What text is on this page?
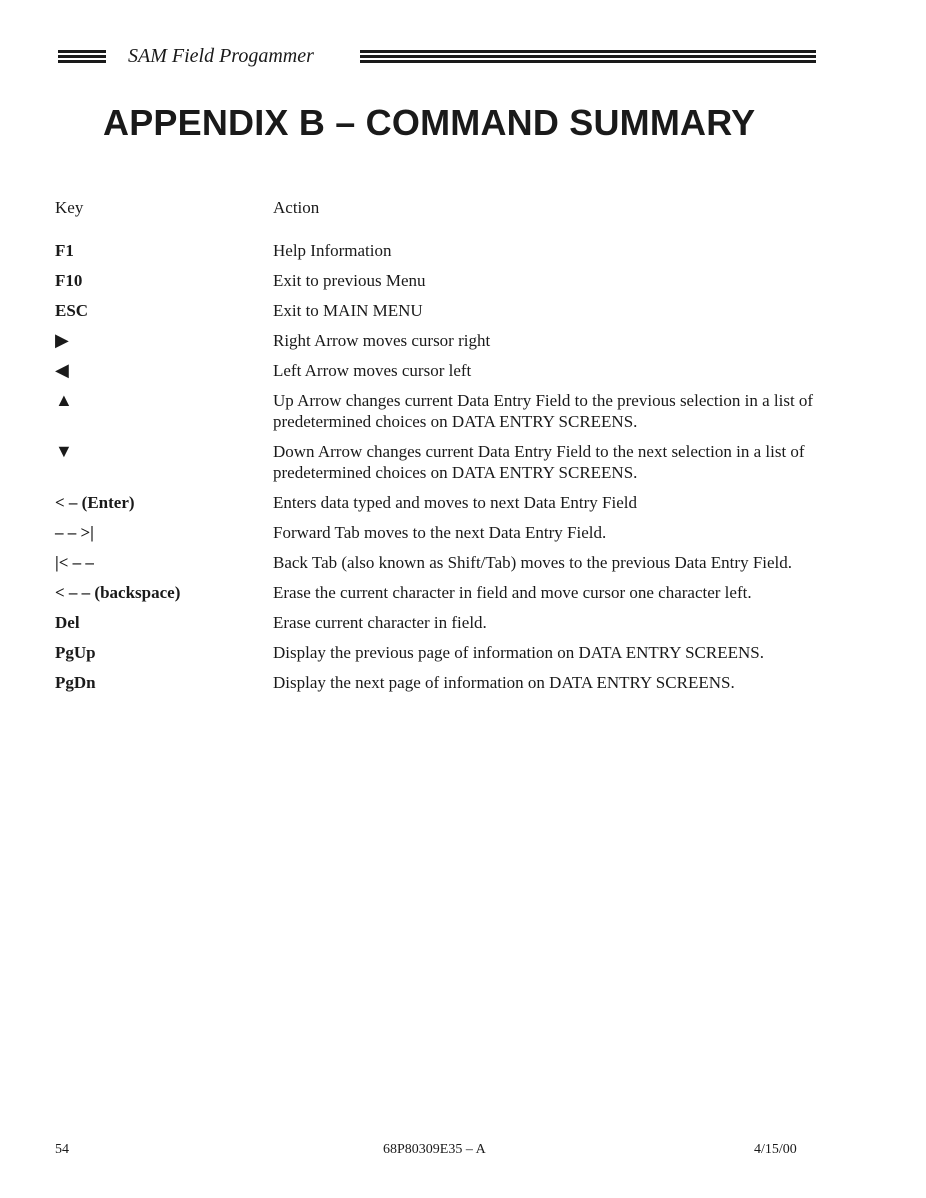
SAM Field Progammer
APPENDIX B – COMMAND SUMMARY
Key	Action
F1	Help Information
F10	Exit to previous Menu
ESC	Exit to MAIN MENU
▶	Right Arrow moves cursor right
◀	Left Arrow moves cursor left
▲	Up Arrow changes current Data Entry Field to the previous selection in a list of predetermined choices on DATA ENTRY SCREENS.
▼	Down Arrow changes current Data Entry Field to the next selection in a list of predetermined choices on DATA ENTRY SCREENS.
< – (Enter)	Enters data typed and moves to next Data Entry Field
– – >|	Forward Tab moves to the next Data Entry Field.
|< – –	Back Tab (also known as Shift/Tab) moves to the previous Data Entry Field.
< – – (backspace)	Erase the current character in field and move cursor one character left.
Del	Erase current character in field.
PgUp	Display the previous page of information on DATA ENTRY SCREENS.
PgDn	Display the next page of information on DATA ENTRY SCREENS.
54	68P80309E35 – A	4/15/00
